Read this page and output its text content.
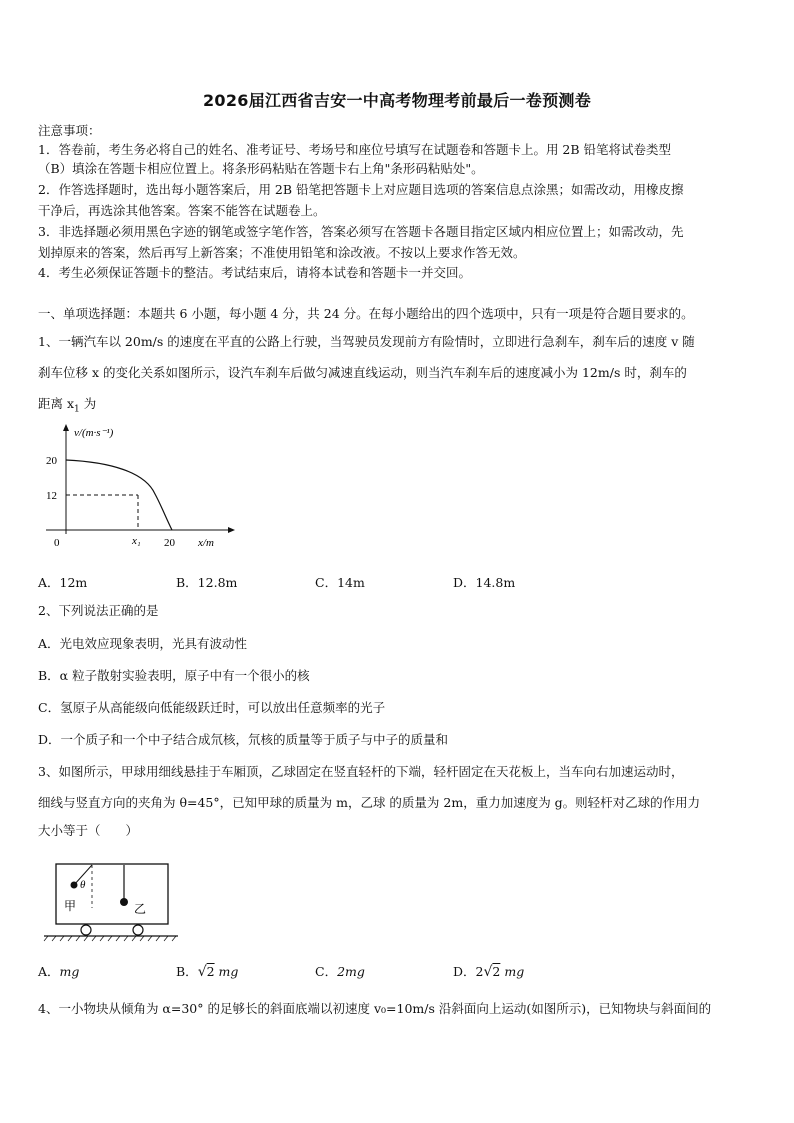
2026届江西省吉安一中高考物理考前最后一卷预测卷
注意事项：
1．答卷前，考生务必将自己的姓名、准考证号、考场号和座位号填写在试题卷和答题卡上。用 2B 铅笔将试卷类型
（B）填涂在答题卡相应位置上。将条形码粘贴在答题卡右上角"条形码粘贴处"。
2．作答选择题时，选出每小题答案后，用 2B 铅笔把答题卡上对应题目选项的答案信息点涂黑；如需改动，用橡皮擦
干净后，再选涂其他答案。答案不能答在试题卷上。
3．非选择题必须用黑色字迹的钢笔或签字笔作答，答案必须写在答题卡各题目指定区域内相应位置上；如需改动，先
划掉原来的答案，然后再写上新答案；不准使用铅笔和涂改液。不按以上要求作答无效。
4．考生必须保证答题卡的整洁。考试结束后，请将本试卷和答题卡一并交回。
一、单项选择题：本题共 6 小题，每小题 4 分，共 24 分。在每小题给出的四个选项中，只有一项是符合题目要求的。
1、一辆汽车以 20m/s 的速度在平直的公路上行驶，当驾驶员发现前方有险情时，立即进行急刹车，刹车后的速度 v 随
刹车位移 x 的变化关系如图所示，设汽车刹车后做匀减速直线运动，则当汽车刹车后的速度减小为 12m/s 时，刹车的
距离 $x_1$ 为
v/(m·s⁻¹)
20
12
0	x₁ 20 x/m
A．12m	B．12.8m	C．14m	D．14.8m
2、下列说法正确的是
A．光电效应现象表明，光具有波动性
B．α 粒子散射实验表明，原子中有一个很小的核
C．氢原子从高能级向低能级跃迁时，可以放出任意频率的光子
D．一个质子和一个中子结合成氘核，氘核的质量等于质子与中子的质量和
3、如图所示，甲球用细线悬挂于车厢顶，乙球固定在竖直轻杆的下端，轻杆固定在天花板上，当车向右加速运动时，
细线与竖直方向的夹角为 θ=45°，已知甲球的质量为 m，乙球 的质量为 2m，重力加速度为 g。则轻杆对乙球的作用力
大小等于（　　）
θ
甲	乙
A．mg	B．√2 mg	C．2mg	D．2√2 mg
4、一小物块从倾角为 α=30° 的足够长的斜面底端以初速度 v₀=10m/s 沿斜面向上运动(如图所示)，已知物块与斜面间的
